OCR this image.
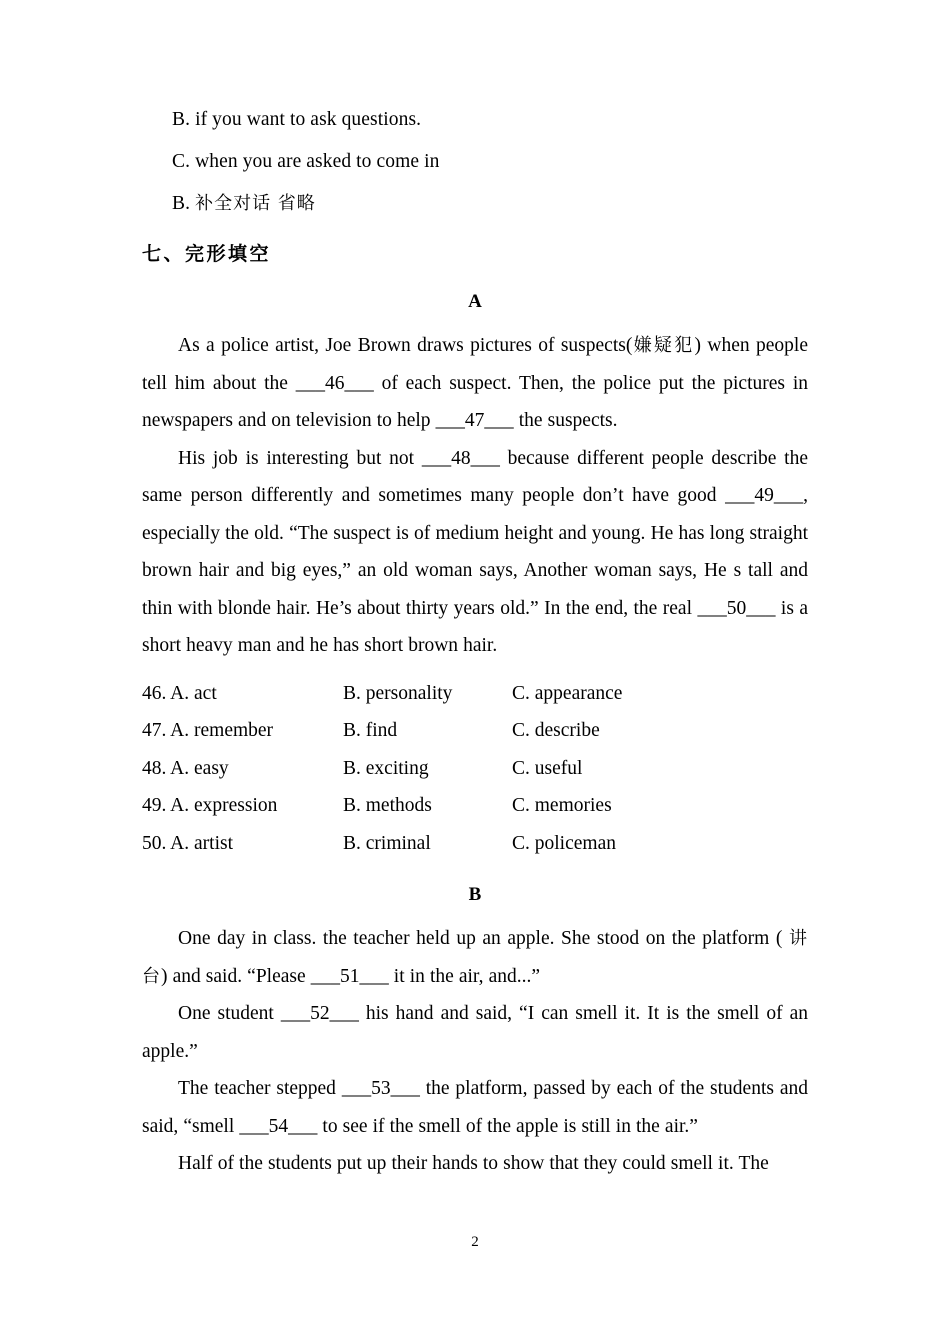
B. if you want to ask questions.
C. when you are asked to come in
B. 补全对话 省略
七、完形填空
A

As a police artist, Joe Brown draws pictures of suspects(嫌疑犯) when people tell him about the ___46___ of each suspect. Then, the police put the pictures in newspapers and on television to help ___47___ the suspects.

His job is interesting but not ___48___ because different people describe the same person differently and sometimes many people don’t have good ___49___, especially the old. “The suspect is of medium height and young. He has long straight brown hair and big eyes,” an old woman says, Another woman says, He s tall and thin with blonde hair. He’s about thirty years old.” In the end, the real ___50___ is a short heavy man and he has short brown hair.

46. A. act	B. personality	C. appearance
47. A. remember	B. find	C. describe
48. A. easy	B. exciting	C. useful
49. A. expression	B. methods	C. memories
50. A. artist	B. criminal	C. policeman
B

One day in class. the teacher held up an apple. She stood on the platform ( 讲台) and said. “Please ___51___ it in the air, and...”

One student ___52___ his hand and said, “I can smell it. It is the smell of an apple.”

The teacher stepped ___53___ the platform, passed by each of the students and said, “smell ___54___ to see if the smell of the apple is still in the air.”

Half of the students put up their hands to show that they could smell it. The

2
